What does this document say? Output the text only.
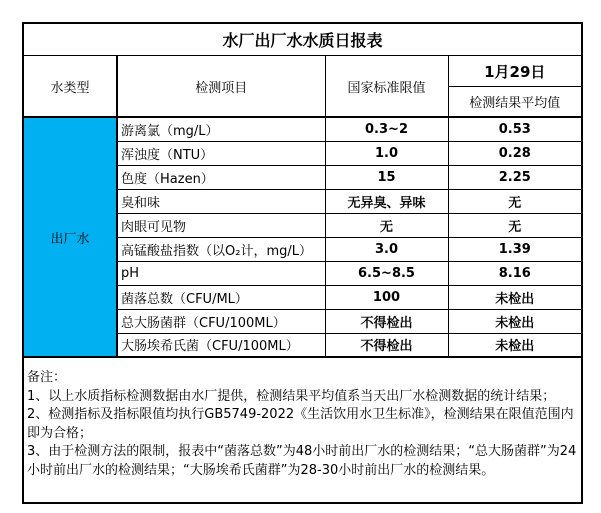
水厂出厂水水质日报表			
水类型	检测项目	国家标准限值	1月29日
			检测结果平均值
出厂水	游离氯（mg/L）	0.3~2	0.53
	浑浊度（NTU）	1.0	0.28
	色度（Hazen）	15	2.25
	臭和味	无异臭、异味	无
	肉眼可见物	无	无
	高锰酸盐指数（以O₂计，mg/L）	3.0	1.39
	pH	6.5~8.5	8.16
	菌落总数（CFU/ML）	100	未检出
	总大肠菌群（CFU/100ML）	不得检出	未检出
	大肠埃希氏菌（CFU/100ML）	不得检出	未检出

备注：
1、以上水质指标检测数据由水厂提供，检测结果平均值系当天出厂水检测数据的统计结果；
2、检测指标及指标限值均执行GB5749-2022《生活饮用水卫生标准》，检测结果在限值范围内即为合格；
3、由于检测方法的限制，报表中“菌落总数”为48小时前出厂水的检测结果；“总大肠菌群”为24小时前出厂水的检测结果；“大肠埃希氏菌群”为28-30小时前出厂水的检测结果。			
